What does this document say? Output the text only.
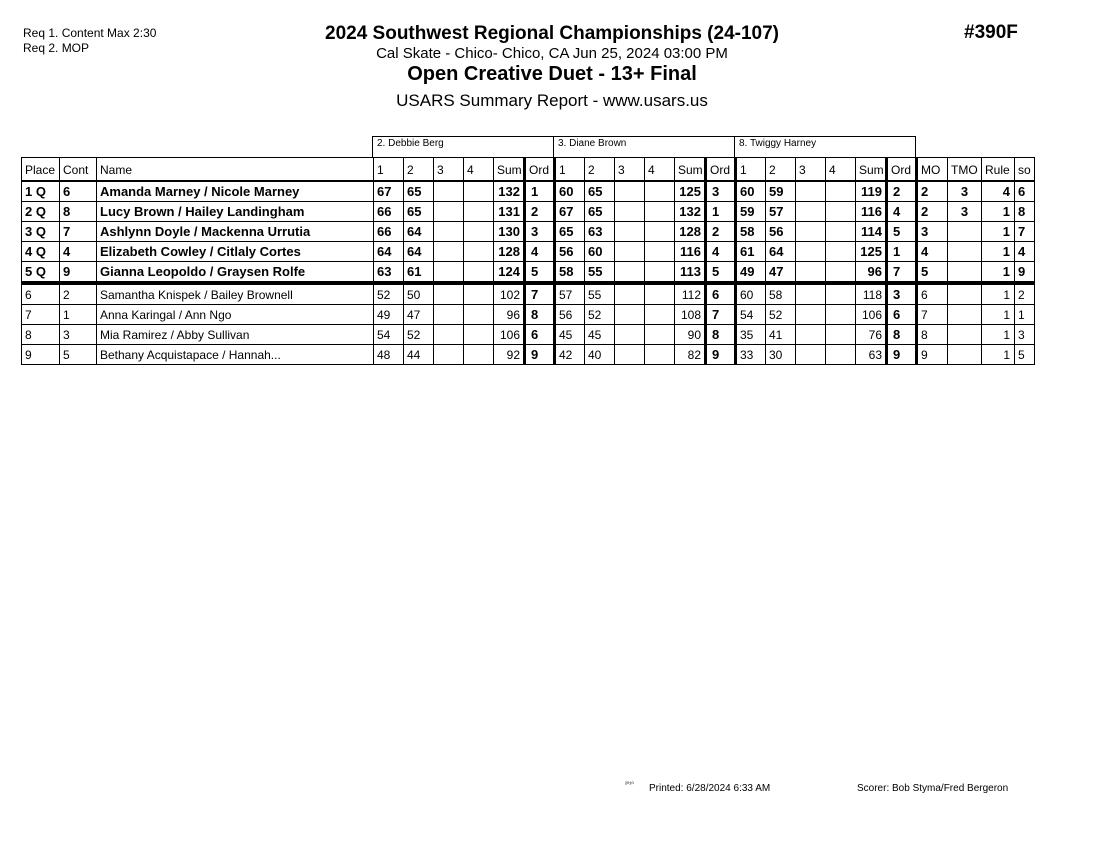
Req 1. Content Max 2:30
Req 2. MOP
#390F
2024 Southwest Regional Championships (24-107)
Cal Skate - Chico- Chico, CA Jun 25, 2024 03:00 PM
Open Creative Duet - 13+ Final
USARS Summary Report - www.usars.us
2. Debbie Berg	3. Diane Brown	8. Twiggy Harney
Place	Cont	Name	1	2	3	4	Sum	Ord	1	2	3	4	Sum	Ord	1	2	3	4	Sum	Ord	MO	TMO	Rule	so
1 Q	6	Amanda Marney / Nicole Marney	67	65			132	1	60	65			125	3	60	59			119	2	2	3	4	6
2 Q	8	Lucy Brown / Hailey Landingham	66	65			131	2	67	65			132	1	59	57			116	4	2	3	1	8
3 Q	7	Ashlynn Doyle / Mackenna Urrutia	66	64			130	3	65	63			128	2	58	56			114	5	3		1	7
4 Q	4	Elizabeth Cowley / Citlaly Cortes	64	64			128	4	56	60			116	4	61	64			125	1	4		1	4
5 Q	9	Gianna Leopoldo / Graysen Rolfe	63	61			124	5	58	55			113	5	49	47			96	7	5		1	9
6	2	Samantha Knispek / Bailey Brownell	52	50			102	7	57	55			112	6	60	58			118	3	6		1	2
7	1	Anna Karingal / Ann Ngo	49	47			96	8	56	52			108	7	54	52			106	6	7		1	1
8	3	Mia Ramirez / Abby Sullivan	54	52			106	6	45	45			90	8	35	41			76	8	8		1	3
9	5	Bethany Acquistapace / Hannah...	48	44			92	9	42	40			82	9	33	30			63	9	9		1	5
²⁰¹⁰ Printed: 6/28/2024 6:33 AM	Scorer: Bob Styma/Fred Bergeron
